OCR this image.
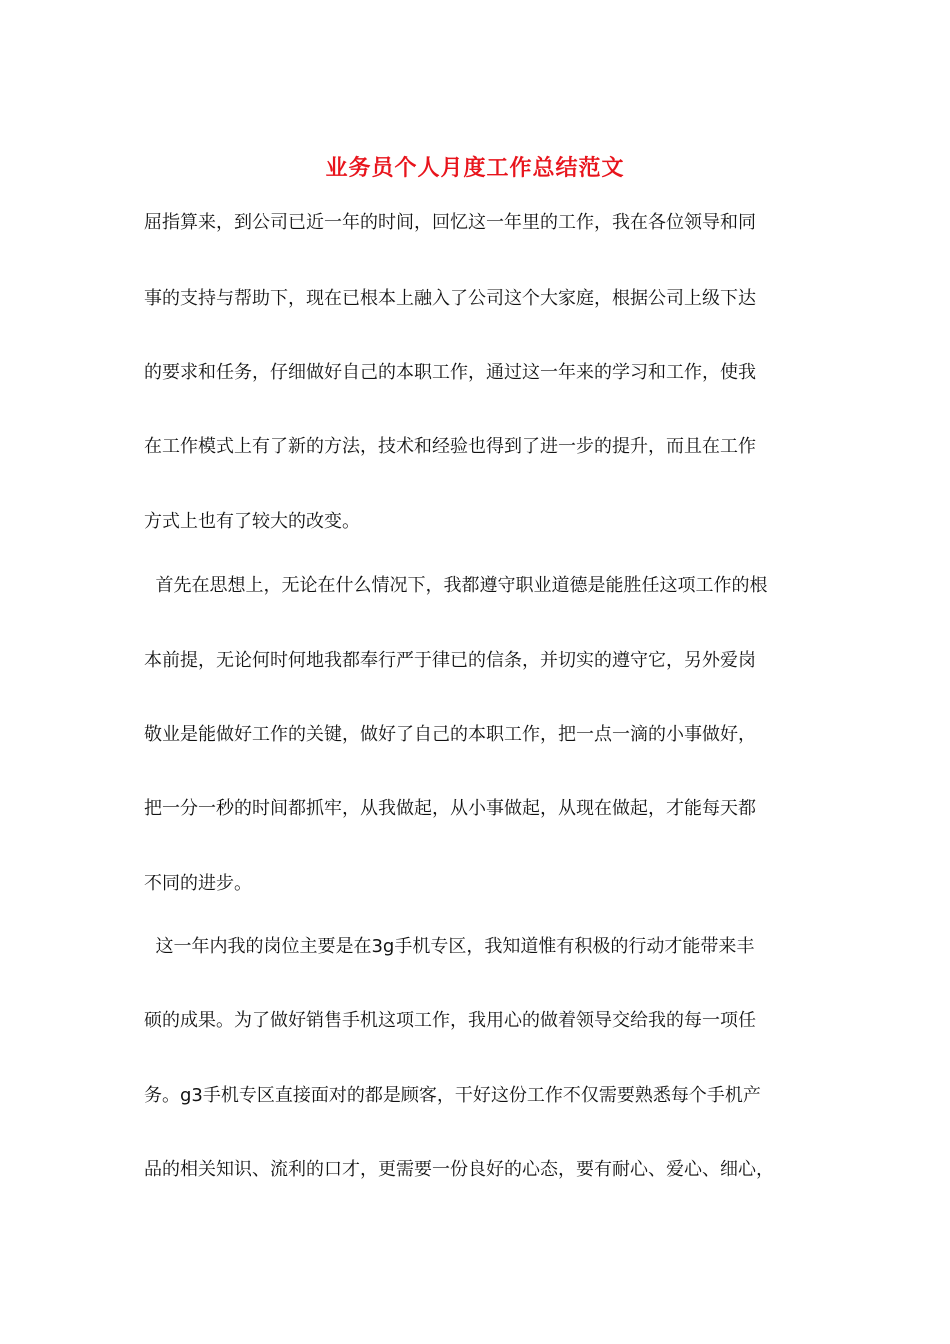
业务员个人月度工作总结范文
屈指算来，到公司已近一年的时间，回忆这一年里的工作，我在各位领导和同
事的支持与帮助下，现在已根本上融入了公司这个大家庭，根据公司上级下达
的要求和任务，仔细做好自己的本职工作，通过这一年来的学习和工作，使我
在工作模式上有了新的方法，技术和经验也得到了进一步的提升，而且在工作
方式上也有了较大的改变。
首先在思想上，无论在什么情况下，我都遵守职业道德是能胜任这项工作的根
本前提，无论何时何地我都奉行严于律已的信条，并切实的遵守它，另外爱岗
敬业是能做好工作的关键，做好了自己的本职工作，把一点一滴的小事做好，
把一分一秒的时间都抓牢，从我做起，从小事做起，从现在做起，才能每天都
不同的进步。
这一年内我的岗位主要是在3g手机专区，我知道惟有积极的行动才能带来丰
硕的成果。为了做好销售手机这项工作，我用心的做着领导交给我的每一项任
务。g3手机专区直接面对的都是顾客，干好这份工作不仅需要熟悉每个手机产
品的相关知识、流利的口才，更需要一份良好的心态，要有耐心、爱心、细心，
